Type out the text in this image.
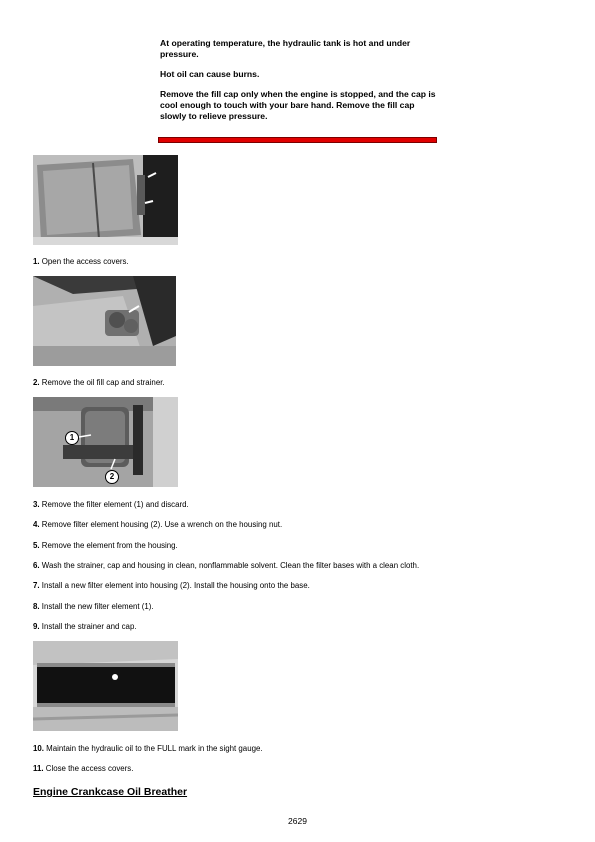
At operating temperature, the hydraulic tank is hot and under pressure.

Hot oil can cause burns.

Remove the fill cap only when the engine is stopped, and the cap is cool enough to touch with your bare hand. Remove the fill cap slowly to relieve pressure.

1. Open the access covers.
2. Remove the oil fill cap and strainer.
1
2
3. Remove the filter element (1) and discard.
4. Remove filter element housing (2). Use a wrench on the housing nut.
5. Remove the element from the housing.
6. Wash the strainer, cap and housing in clean, nonflammable solvent. Clean the filter bases with a clean cloth.
7. Install a new filter element into housing (2). Install the housing onto the base.
8. Install the new filter element (1).
9. Install the strainer and cap.
10. Maintain the hydraulic oil to the FULL mark in the sight gauge.
11. Close the access covers.
Engine Crankcase Oil Breather
2629
